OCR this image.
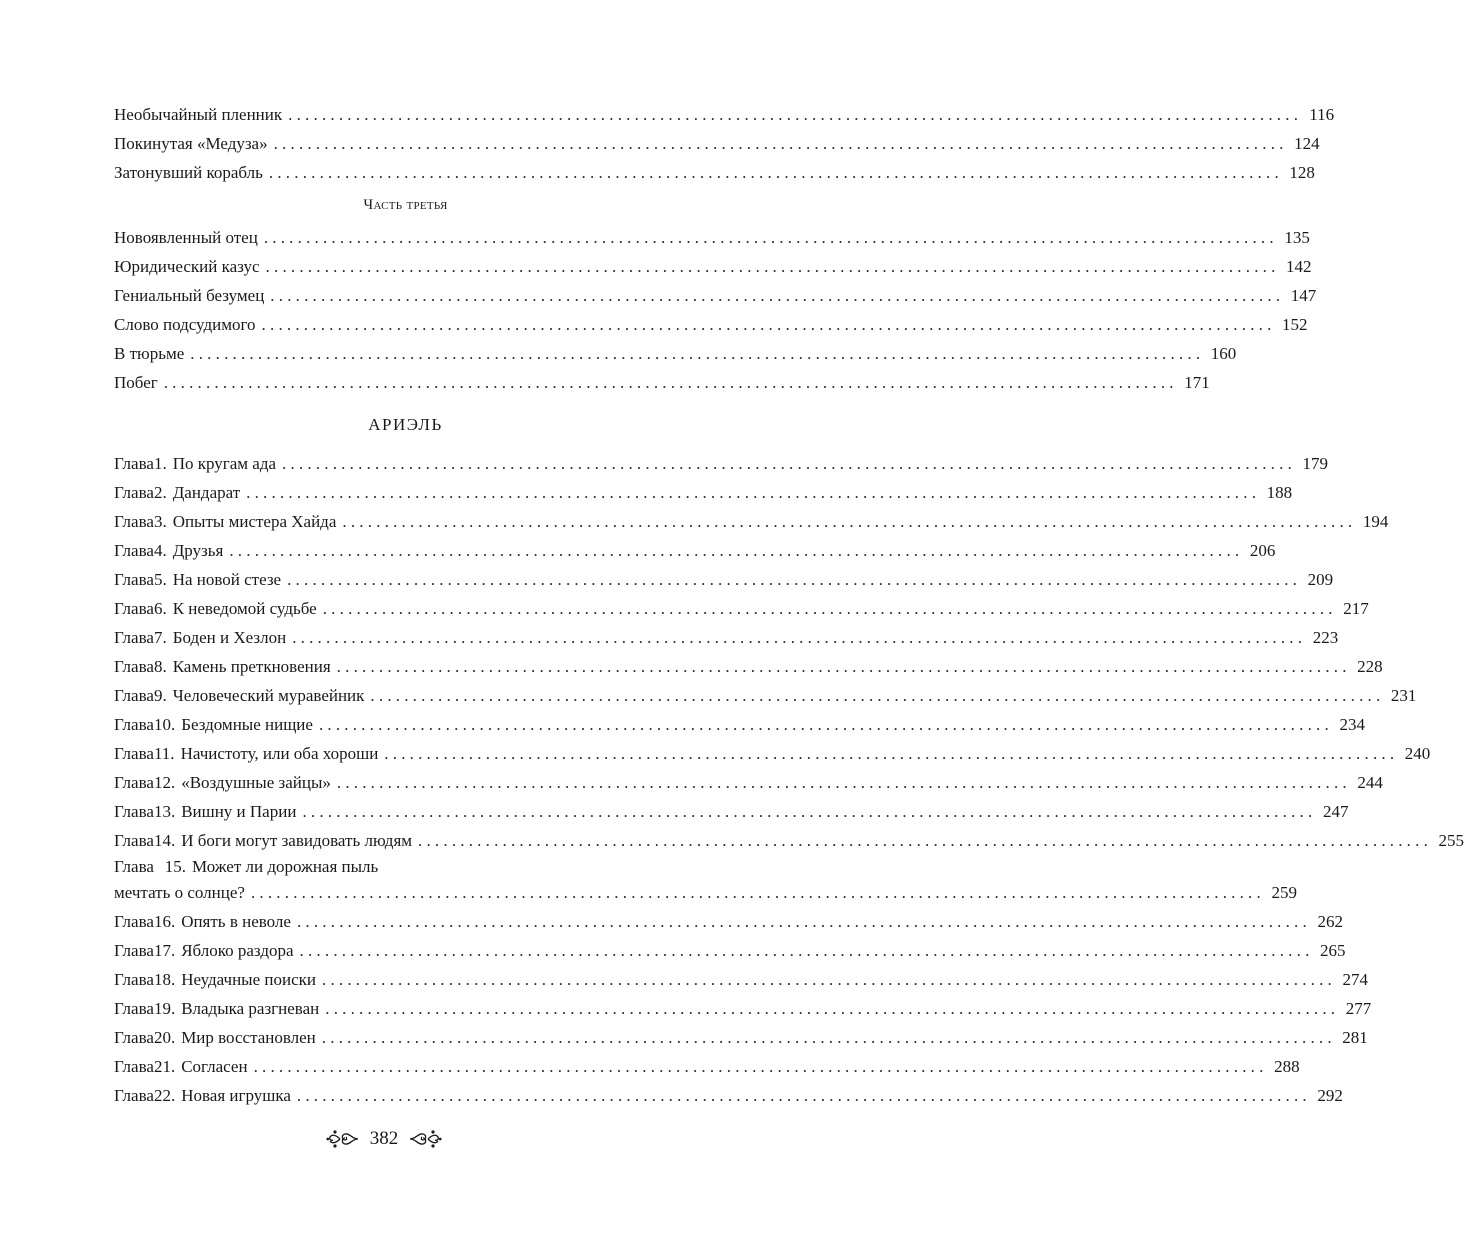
Необычайный пленник ........................................................................................................................ 116
Покинутая «Медуза» ........................................................................................................................ 124
Затонувший корабль ........................................................................................................................ 128
Часть третья
Новоявленный отец ........................................................................................................................ 135
Юридический казус ........................................................................................................................ 142
Гениальный безумец ........................................................................................................................ 147
Слово подсудимого ........................................................................................................................ 152
В тюрьме ........................................................................................................................ 160
Побег ........................................................................................................................ 171
АРИЭЛЬ
Глава 1. По кругам ада ........................................................................................................................ 179
Глава 2. Дандарат ........................................................................................................................ 188
Глава 3. Опыты мистера Хайда ........................................................................................................................ 194
Глава 4. Друзья ........................................................................................................................ 206
Глава 5. На новой стезе ........................................................................................................................ 209
Глава 6. К неведомой судьбе ........................................................................................................................ 217
Глава 7. Боден и Хезлон ........................................................................................................................ 223
Глава 8. Камень преткновения ........................................................................................................................ 228
Глава 9. Человеческий муравейник ........................................................................................................................ 231
Глава 10. Бездомные нищие ........................................................................................................................ 234
Глава 11. Начистоту, или оба хороши ........................................................................................................................ 240
Глава 12. «Воздушные зайцы» ........................................................................................................................ 244
Глава 13. Вишну и Парии ........................................................................................................................ 247
Глава 14. И боги могут завидовать людям ........................................................................................................................ 255
Глава 15. Может ли дорожная пыль
мечтать о солнце? ........................................................................................................................ 259
Глава 16. Опять в неволе ........................................................................................................................ 262
Глава 17. Яблоко раздора ........................................................................................................................ 265
Глава 18. Неудачные поиски ........................................................................................................................ 274
Глава 19. Владыка разгневан ........................................................................................................................ 277
Глава 20. Мир восстановлен ........................................................................................................................ 281
Глава 21. Согласен ........................................................................................................................ 288
Глава 22. Новая игрушка ........................................................................................................................ 292
382
